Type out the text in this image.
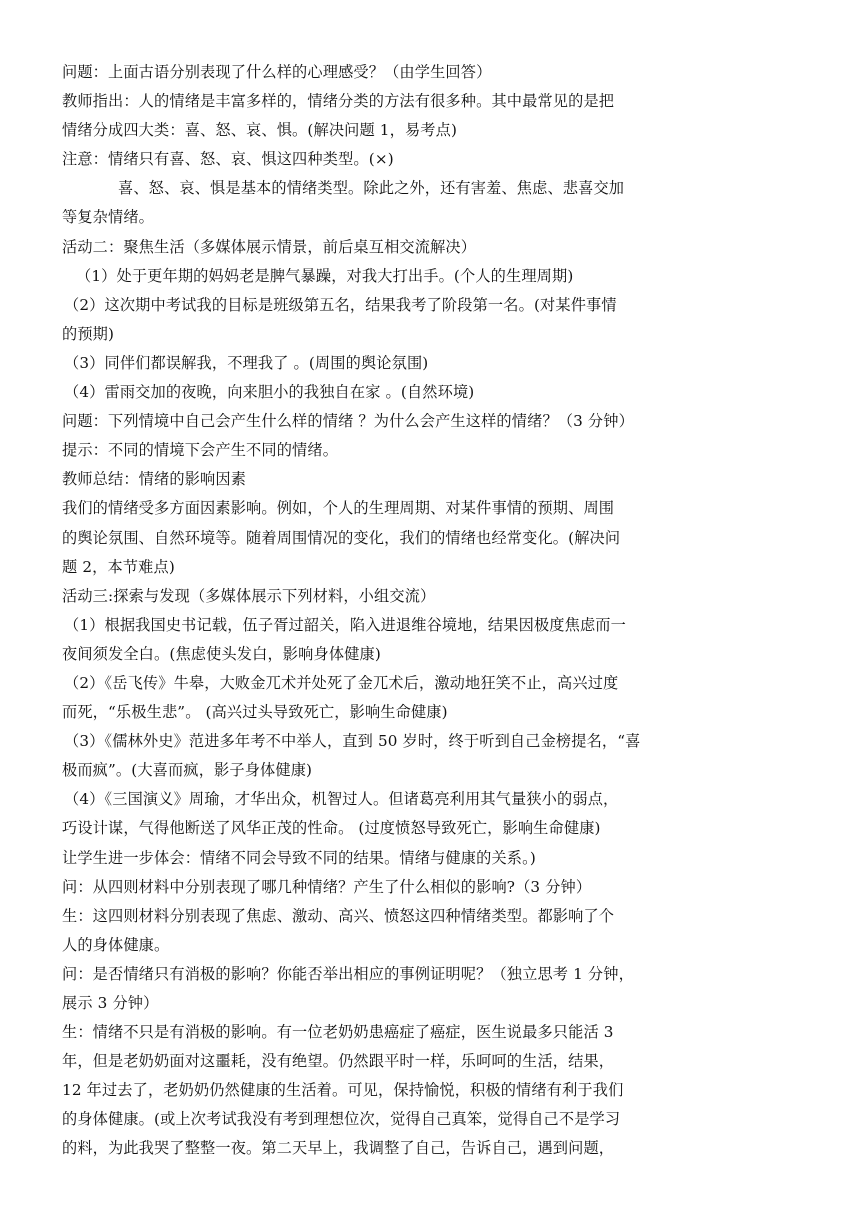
问题：上面古语分别表现了什么样的心理感受？（由学生回答）
教师指出：人的情绪是丰富多样的，情绪分类的方法有很多种。其中最常见的是把
情绪分成四大类：喜、怒、哀、惧。(解决问题 1，易考点)
注意：情绪只有喜、怒、哀、惧这四种类型。(×)
喜、怒、哀、惧是基本的情绪类型。除此之外，还有害羞、焦虑、悲喜交加
等复杂情绪。
活动二：聚焦生活（多媒体展示情景，前后桌互相交流解决）
（1）处于更年期的妈妈老是脾气暴躁，对我大打出手。(个人的生理周期)
（2）这次期中考试我的目标是班级第五名，结果我考了阶段第一名。(对某件事情
的预期)
（3）同伴们都误解我，不理我了 。(周围的舆论氛围)
（4）雷雨交加的夜晚，向来胆小的我独自在家 。(自然环境)
问题：下列情境中自己会产生什么样的情绪 ？为什么会产生这样的情绪？（3 分钟）
提示：不同的情境下会产生不同的情绪。
教师总结：情绪的影响因素
我们的情绪受多方面因素影响。例如，个人的生理周期、对某件事情的预期、周围
的舆论氛围、自然环境等。随着周围情况的变化，我们的情绪也经常变化。(解决问
题 2，本节难点)
活动三:探索与发现（多媒体展示下列材料，小组交流）
（1）根据我国史书记载，伍子胥过韶关，陷入进退维谷境地，结果因极度焦虑而一
夜间须发全白。(焦虑使头发白，影响身体健康)
（2）《岳飞传》牛皋，大败金兀术并处死了金兀术后，激动地狂笑不止，高兴过度
而死，“乐极生悲”。 (高兴过头导致死亡，影响生命健康)
（3）《儒林外史》范进多年考不中举人，直到 50 岁时，终于听到自己金榜提名，“喜
极而疯”。(大喜而疯，影子身体健康)
（4）《三国演义》周瑜，才华出众，机智过人。但诸葛亮利用其气量狭小的弱点，
巧设计谋，气得他断送了风华正茂的性命。 (过度愤怒导致死亡，影响生命健康)
让学生进一步体会：情绪不同会导致不同的结果。情绪与健康的关系。)
问：从四则材料中分别表现了哪几种情绪？产生了什么相似的影响?（3 分钟）
生：这四则材料分别表现了焦虑、激动、高兴、愤怒这四种情绪类型。都影响了个
人的身体健康。
问：是否情绪只有消极的影响？你能否举出相应的事例证明呢？（独立思考 1 分钟，
展示 3 分钟）
生：情绪不只是有消极的影响。有一位老奶奶患癌症了癌症，医生说最多只能活 3
年，但是老奶奶面对这噩耗，没有绝望。仍然跟平时一样，乐呵呵的生活，结果，
12 年过去了，老奶奶仍然健康的生活着。可见，保持愉悦，积极的情绪有利于我们
的身体健康。(或上次考试我没有考到理想位次，觉得自己真笨，觉得自己不是学习
的料，为此我哭了整整一夜。第二天早上，我调整了自己，告诉自己，遇到问题，
